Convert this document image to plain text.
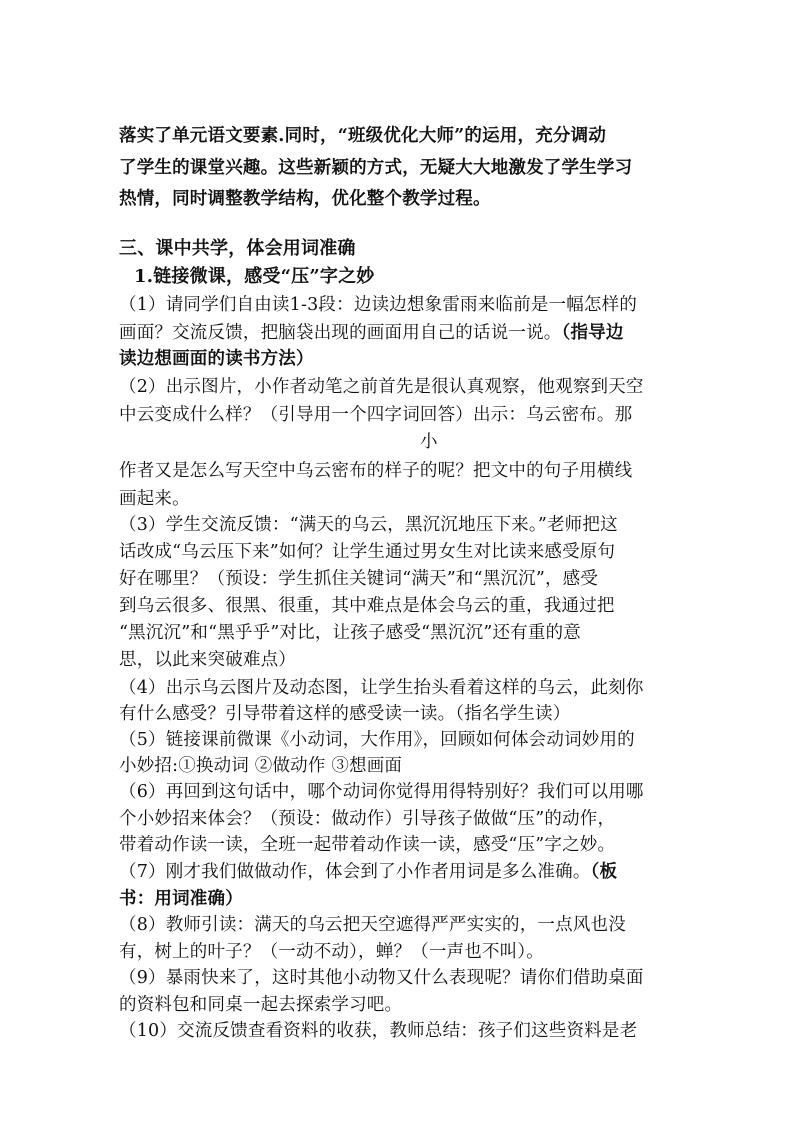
落实了单元语文要素.同时，“班级优化大师”的运用，充分调动
了学生的课堂兴趣。这些新颖的方式，无疑大大地激发了学生学习
热情，同时调整教学结构，优化整个教学过程。
三、课中共学，体会用词准确
1.链接微课，感受“压”字之妙
（1）请同学们自由读1-3段：边读边想象雷雨来临前是一幅怎样的
画面？交流反馈，把脑袋出现的画面用自己的话说一说。（指导边
读边想画面的读书方法）
（2）出示图片，小作者动笔之前首先是很认真观察，他观察到天空
中云变成什么样？（引导用一个四字词回答）出示：乌云密布。那
小
作者又是怎么写天空中乌云密布的样子的呢？把文中的句子用横线
画起来。
（3）学生交流反馈：“满天的乌云，黑沉沉地压下来。”老师把这
话改成“乌云压下来”如何？让学生通过男女生对比读来感受原句
好在哪里？（预设：学生抓住关键词“满天”和“黑沉沉”，感受
到乌云很多、很黑、很重，其中难点是体会乌云的重，我通过把
“黑沉沉”和“黑乎乎”对比，让孩子感受“黑沉沉”还有重的意
思，以此来突破难点）
（4）出示乌云图片及动态图，让学生抬头看着这样的乌云，此刻你
有什么感受？引导带着这样的感受读一读。（指名学生读）
（5）链接课前微课《小动词，大作用》，回顾如何体会动词妙用的
小妙招:①换动词 ②做动作 ③想画面
（6）再回到这句话中，哪个动词你觉得用得特别好？我们可以用哪
个小妙招来体会？（预设：做动作）引导孩子做做“压”的动作，
带着动作读一读，全班一起带着动作读一读，感受“压”字之妙。
（7）刚才我们做做动作，体会到了小作者用词是多么准确。（板
书：用词准确）
（8）教师引读：满天的乌云把天空遮得严严实实的，一点风也没
有，树上的叶子？（一动不动），蝉？（一声也不叫）。
（9）暴雨快来了，这时其他小动物又什么表现呢？请你们借助桌面
的资料包和同桌一起去探索学习吧。
（10）交流反馈查看资料的收获，教师总结：孩子们这些资料是老
